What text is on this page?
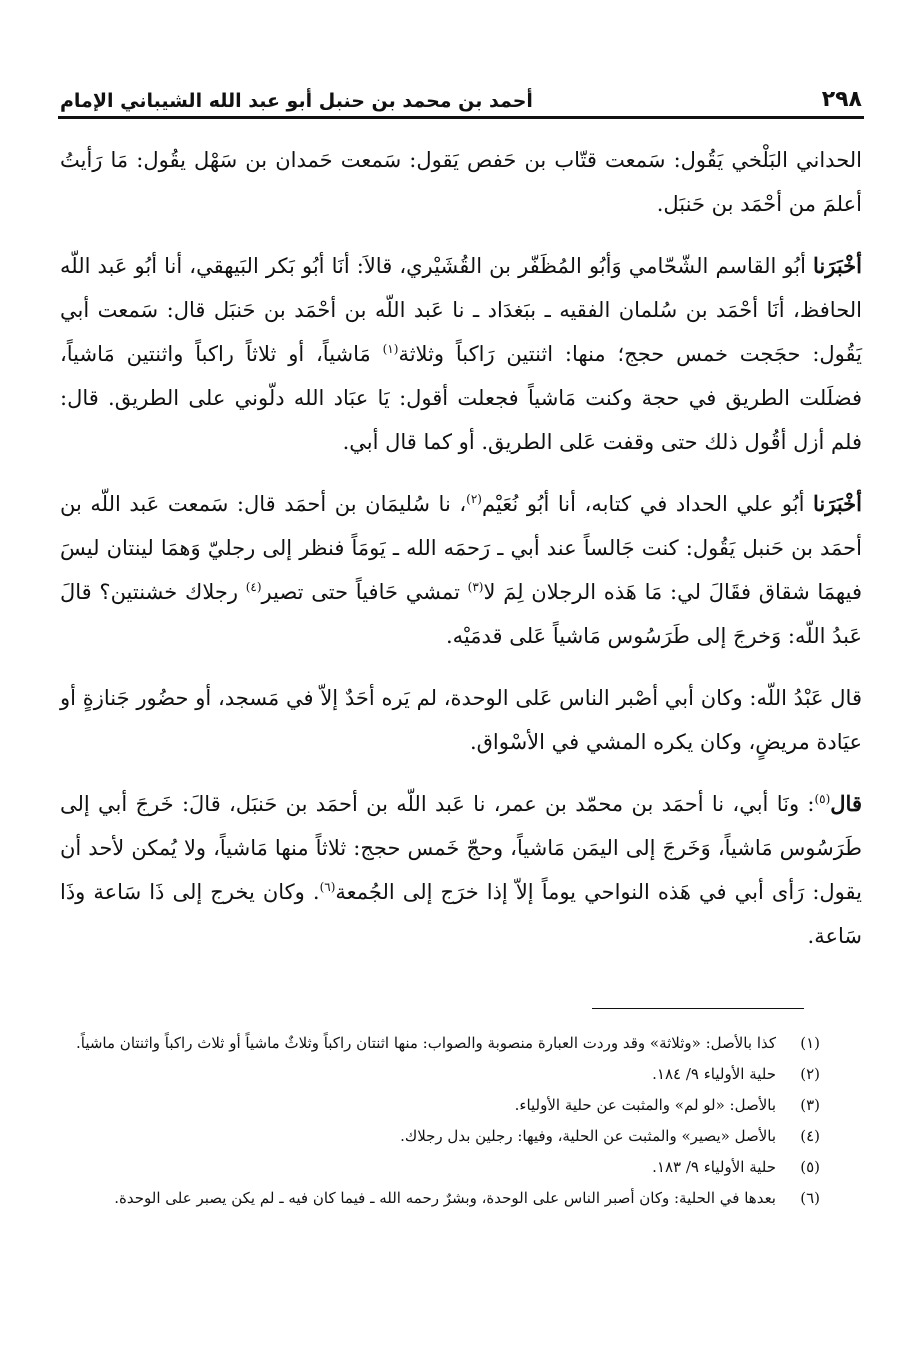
٢٩٨
أحمد بن محمد بن حنبل أبو عبد الله الشيباني الإمام

الحداني البَلْخي يَقُول: سَمعت قتّاب بن حَفص يَقول: سَمعت حَمدان بن سَهْل يقُول: مَا رَأيتُ أعلمَ من أحْمَد بن حَنبَل.

أخْبَرَنا أبُو القاسم الشّحّامي وَأبُو المُظَفّر بن القُشَيْري، قالاَ: أنَا أبُو بَكر البَيهقي، أنا أبُو عَبد اللّه الحافظ، أنَا أحْمَد بن سُلمان الفقيه ـ ببَغدَاد ـ نا عَبد اللّه بن أحْمَد بن حَنبَل قال: سَمعت أبي يَقُول: حجَجت خمس حجج؛ منها: اثنتين رَاكباً وثلاثة$^{(١)}$ مَاشياً، أو ثلاثاً راكباً واثنتين مَاشياً، فضلَلت الطريق في حجة وكنت مَاشياً فجعلت أقول: يَا عبَاد الله دلّوني على الطريق. قال: فلم أزل أقُول ذلك حتى وقفت عَلى الطريق. أو كما قال أبي.

أخْبَرَنا أبُو علي الحداد في كتابه، أنا أبُو نُعَيْم$^{(٢)}$، نا سُليمَان بن أحمَد قال: سَمعت عَبد اللّه بن أحمَد بن حَنبل يَقُول: كنت جَالساً عند أبي ـ رَحمَه الله ـ يَومَاً فنظر إلى رجليّ وَهمَا لينتان ليسَ فيهمَا شقاق فقَالَ لي: مَا هَذه الرجلان لِمَ لا$^{(٣)}$ تمشي حَافياً حتى تصير$^{(٤)}$ رجلاك خشنتين؟ قالَ عَبدُ اللّه: وَخرجَ إلى طَرَسُوس مَاشياً عَلى قدمَيْه.

قال عَبْدُ اللّه: وكان أبي أصْبر الناس عَلى الوحدة، لم يَره أحَدٌ إلاّ في مَسجد، أو حضُور جَنازةٍ أو عيَادة مريضٍ، وكان يكره المشي في الأسْواق.

قال$^{(٥)}$: ونَا أبي، نا أحمَد بن محمّد بن عمر، نا عَبد اللّه بن أحمَد بن حَنبَل، قالَ: خَرجَ أبي إلى طَرَسُوس مَاشياً، وَخَرجَ إلى اليمَن مَاشياً، وحجّ خَمس حجج: ثلاثاً منها مَاشياً، ولا يُمكن لأحد أن يقول: رَأى أبي في هَذه النواحي يوماً إلاّ إذا خرَج إلى الجُمعة$^{(٦)}$. وكان يخرج إلى ذَا سَاعة وذَا سَاعة.

(١)
كذا بالأصل: «وثلاثة» وقد وردت العبارة منصوبة والصواب: منها اثنتان راكباً وثلاثٌ ماشياً أو ثلاث راكباً واثنتان ماشياً.
(٢)
حلية الأولياء ٩/ ١٨٤.
(٣)
بالأصل: «لو لم» والمثبت عن حلية الأولياء.
(٤)
بالأصل «يصير» والمثبت عن الحلية، وفيها: رجلين بدل رجلاك.
(٥)
حلية الأولياء ٩/ ١٨٣.
(٦)
بعدها في الحلية: وكان أصبر الناس على الوحدة، وبشرٌ رحمه الله ـ فيما كان فيه ـ لم يكن يصبر على الوحدة.
